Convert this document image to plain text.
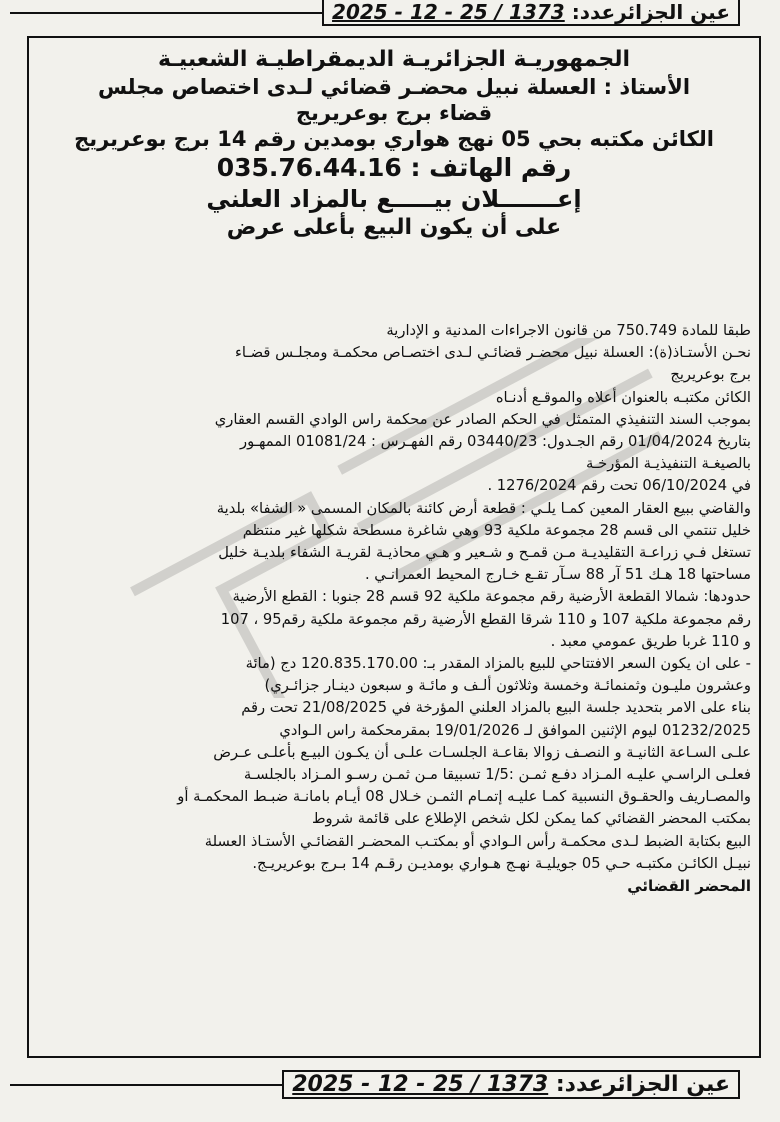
عين الجزائرعدد: 2025 - 12 - 25 / 1373
الجمهوريـة الجزائريـة الديمقراطيـة الشعبيـة
الأستاذ : العسلة نبيل محضـر قضائي لـدى اختصاص مجلس
قضاء برج بوعريريج
الكائن مكتبه بحي 05 نهج هواري بومدين رقم 14 برج بوعريريج
رقم الهاتف : 035.76.44.16
إعـــــــلان بيـــــع بالمزاد العلني
على أن يكون البيع بأعلى عرض

طبقا للمادة 750.749 من قانون الاجراءات المدنية و الإدارية

نحـن الأستـاذ(ة): العسلة نبيل محضـر قضائـي لـدى اختصـاص محكمـة ومجلـس قضـاء

برج بوعريريج

الكائن مكتبـه بالعنوان أعلاه والموقـع أدنـاه

بموجب السند التنفيذي المتمثل في الحكم الصادر عن محكمة راس الوادي القسم العقاري

بتاريخ 01/04/2024 رقم الجـدول: 03440/23 رقم الفهـرس : 01081/24 الممهـور

بالصيغـة التنفيذيـة المؤرخـة

في 06/10/2024 تحت رقم 1276/2024 .

والقاضي ببيع العقار المعين كمـا يلـي : قطعة أرض كائنة بالمكان المسمى « الشفا» بلدية

خليل تنتمي الى قسم 28 مجموعة ملكية 93 وهي شاغرة مسطحة شكلها غير منتظم

تستغل فـي زراعـة التقليديـة مـن قمـح و شـعير و هـي محاذيـة لقريـة الشفاء بلديـة خليل

مساحتها 18 هـك 51 آر 88 سـآر تقـع خـارج المحيط العمرانـي .

حدودها: شمالا القطعة الأرضية رقم مجموعة ملكية 92 قسم 28 جنوبا : القطع الأرضية

رقم مجموعة ملكية 107 و 110 شرقا القطع الأرضية رقم مجموعة ملكية رقم95 ، 107

و 110 غربا طريق عمومي معبد .

- على ان يكون السعر الافتتاحي للبيع بالمزاد المقدر بـ: 120.835.170.00 دج (مائة

وعشرون مليـون وثمنمائـة وخمسة وثلاثون ألـف و مائـة و سبعون دينـار جزائـري)

بناء على الامر بتحديد جلسة البيع بالمزاد العلني المؤرخة في 21/08/2025 تحت رقم

01232/2025 ليوم الإثنين الموافق لـ 19/01/2026 بمقرمحكمة راس الـوادي

علـى السـاعة الثانيـة و النصـف زوالا بقاعـة الجلسـات علـى أن يكـون البيـع بأعلـى عـرض

فعلـى الراسـي عليـه المـزاد دفـع ثمـن :1/5 تسبيقا مـن ثمـن رسـو المـزاد بالجلسـة

والمصـاريف والحقـوق النسبية كمـا عليـه إتمـام الثمـن خـلال 08 أيـام بامانـة ضبـط المحكمـة أو

بمكتب المحضر القضائي كما يمكن لكل شخص الإطلاع على قائمة شروط

البيع بكتابة الضبط لـدى محكمـة رأس الـوادي أو بمكتـب المحضـر القضائـي الأستـاذ العسلة

نبيـل الكائـن مكتبـه حـي 05 جويليـة نهـج هـواري بومديـن رقـم 14 بـرج بوعريريـج.

المحضر القضائي

عين الجزائرعدد: 2025 - 12 - 25 / 1373
